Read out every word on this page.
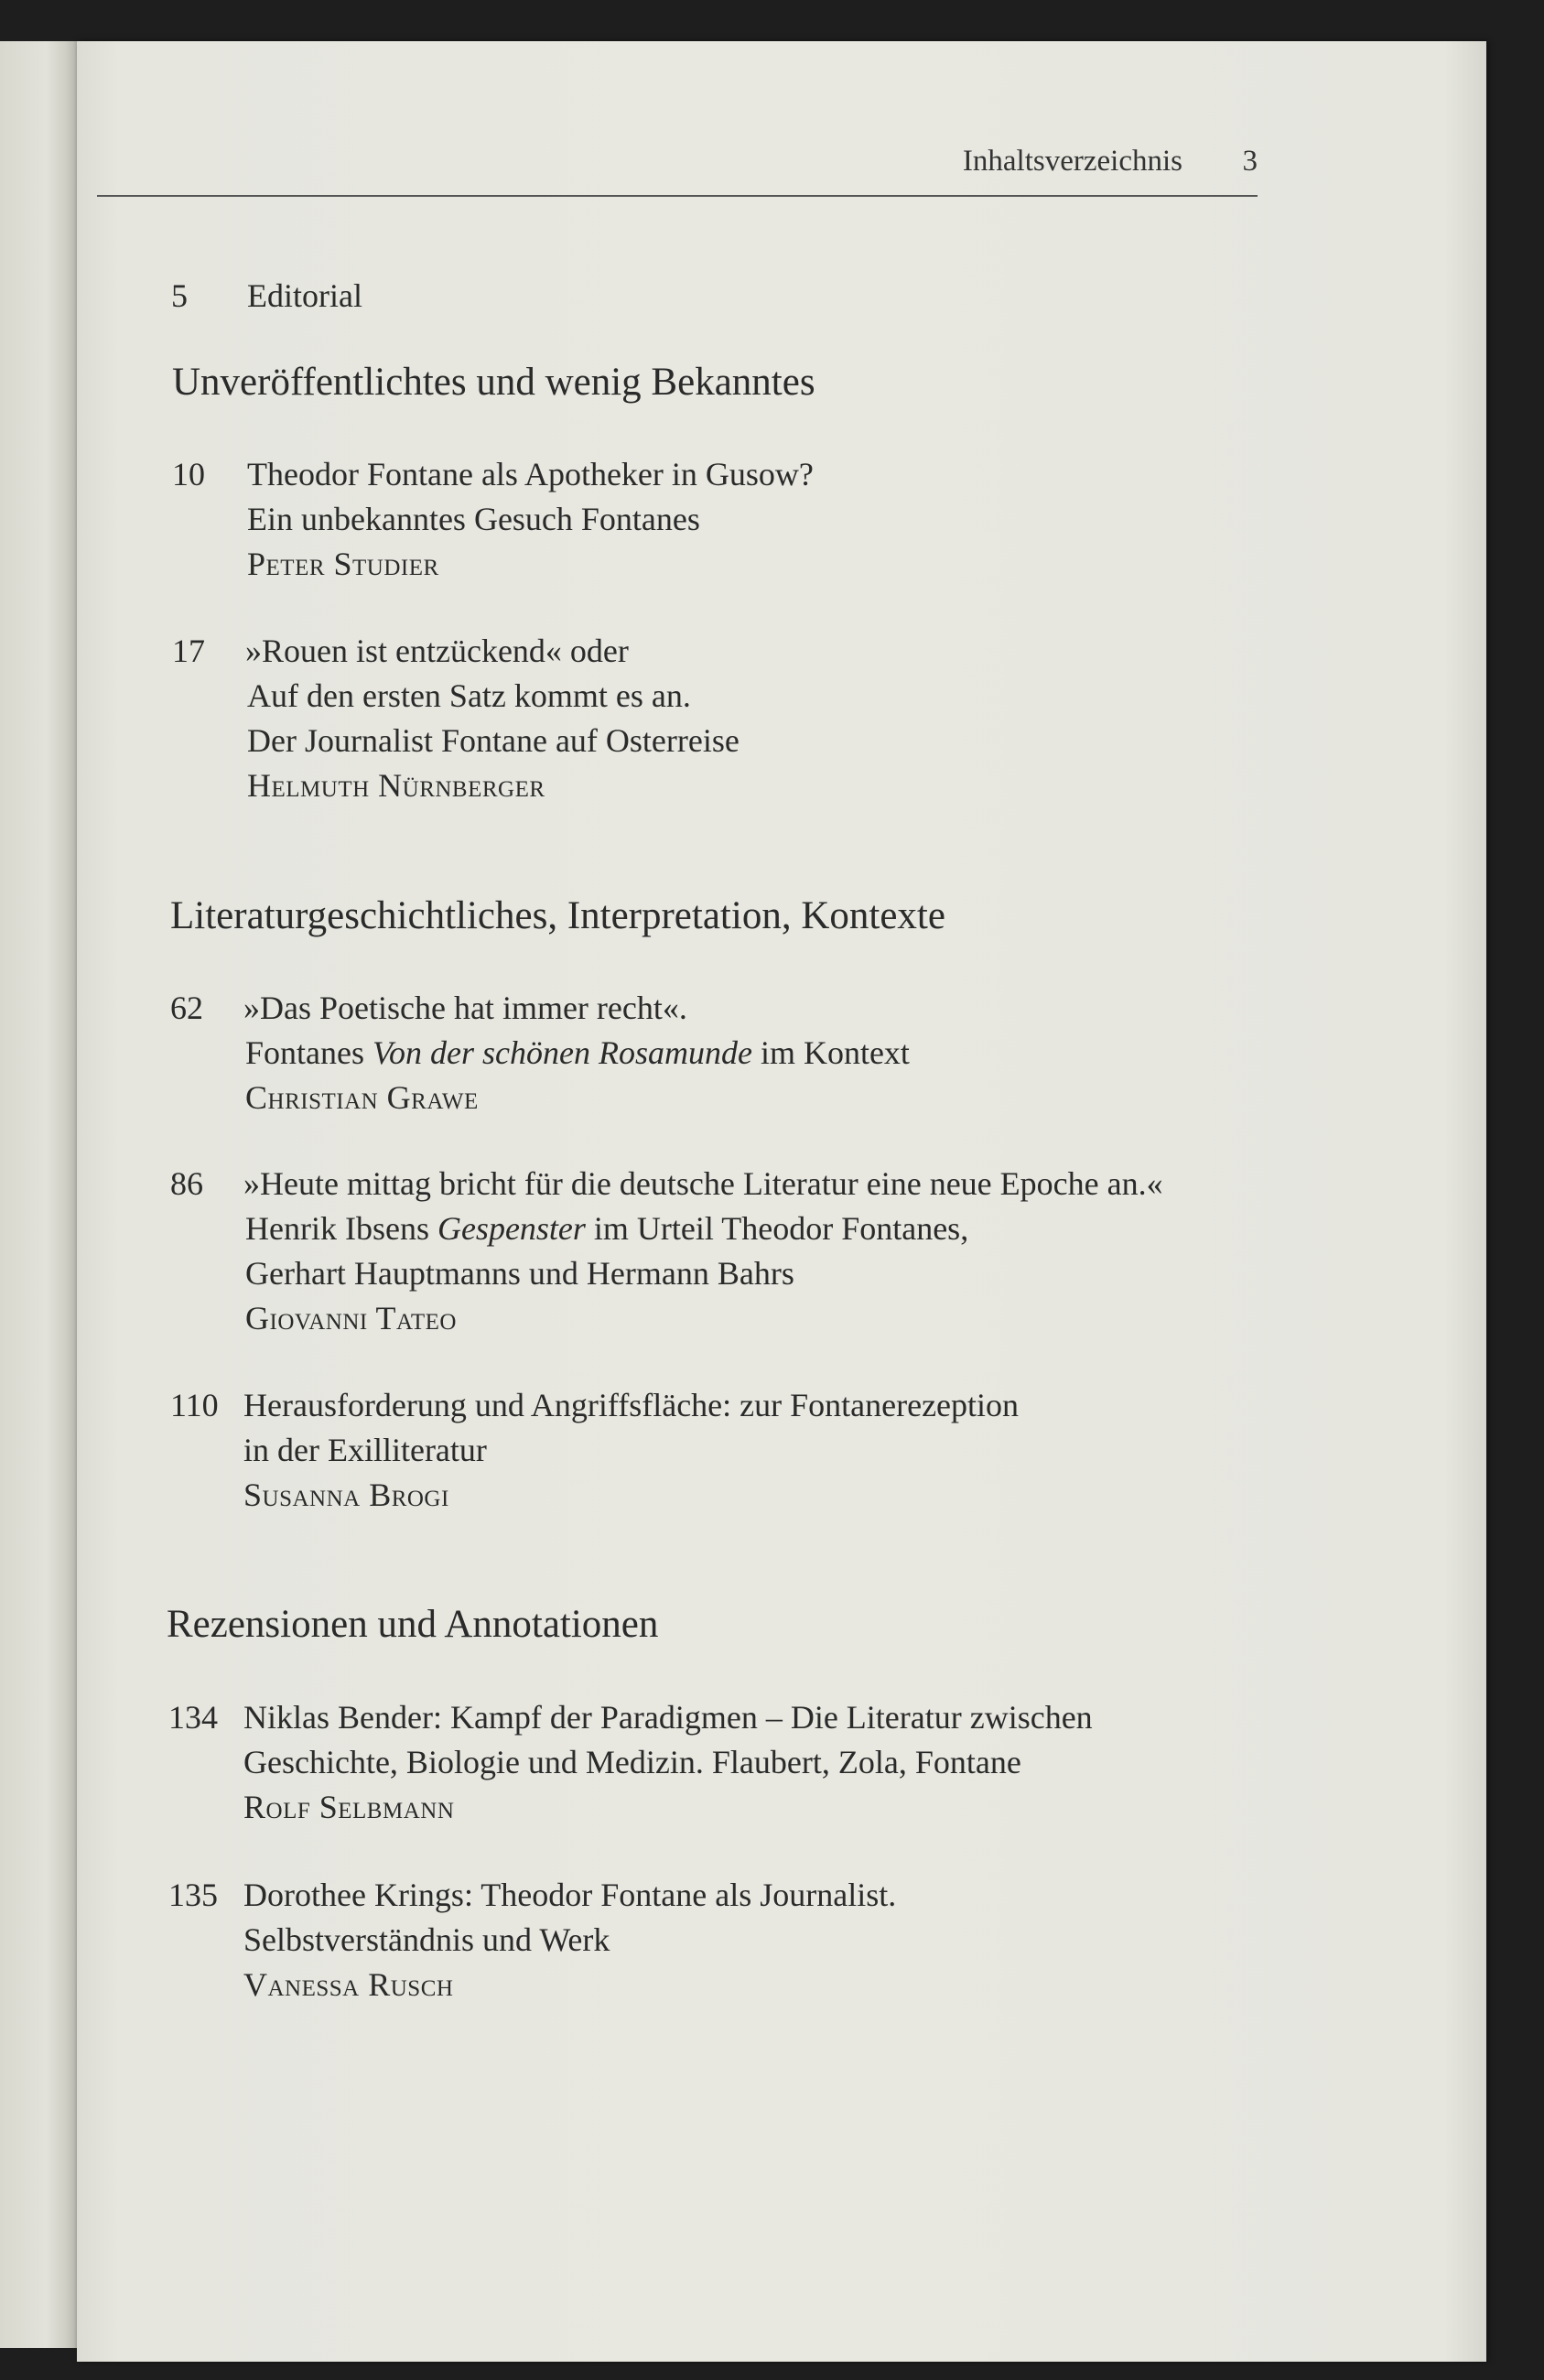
Inhaltsverzeichnis 3
5 Editorial
Unveröffentlichtes und wenig Bekanntes
10 Theodor Fontane als Apotheker in Gusow?
Ein unbekanntes Gesuch Fontanes
Peter Studier
17 »Rouen ist entzückend« oder
Auf den ersten Satz kommt es an.
Der Journalist Fontane auf Osterreise
Helmuth Nürnberger
Literaturgeschichtliches, Interpretation, Kontexte
62 »Das Poetische hat immer recht«.
Fontanes Von der schönen Rosamunde im Kontext
Christian Grawe
86 »Heute mittag bricht für die deutsche Literatur eine neue Epoche an.«
Henrik Ibsens Gespenster im Urteil Theodor Fontanes,
Gerhart Hauptmanns und Hermann Bahrs
Giovanni Tateo
110 Herausforderung und Angriffsfläche: zur Fontanerezeption
in der Exilliteratur
Susanna Brogi
Rezensionen und Annotationen
134 Niklas Bender: Kampf der Paradigmen – Die Literatur zwischen
Geschichte, Biologie und Medizin. Flaubert, Zola, Fontane
Rolf Selbmann
135 Dorothee Krings: Theodor Fontane als Journalist.
Selbstverständnis und Werk
Vanessa Rusch
